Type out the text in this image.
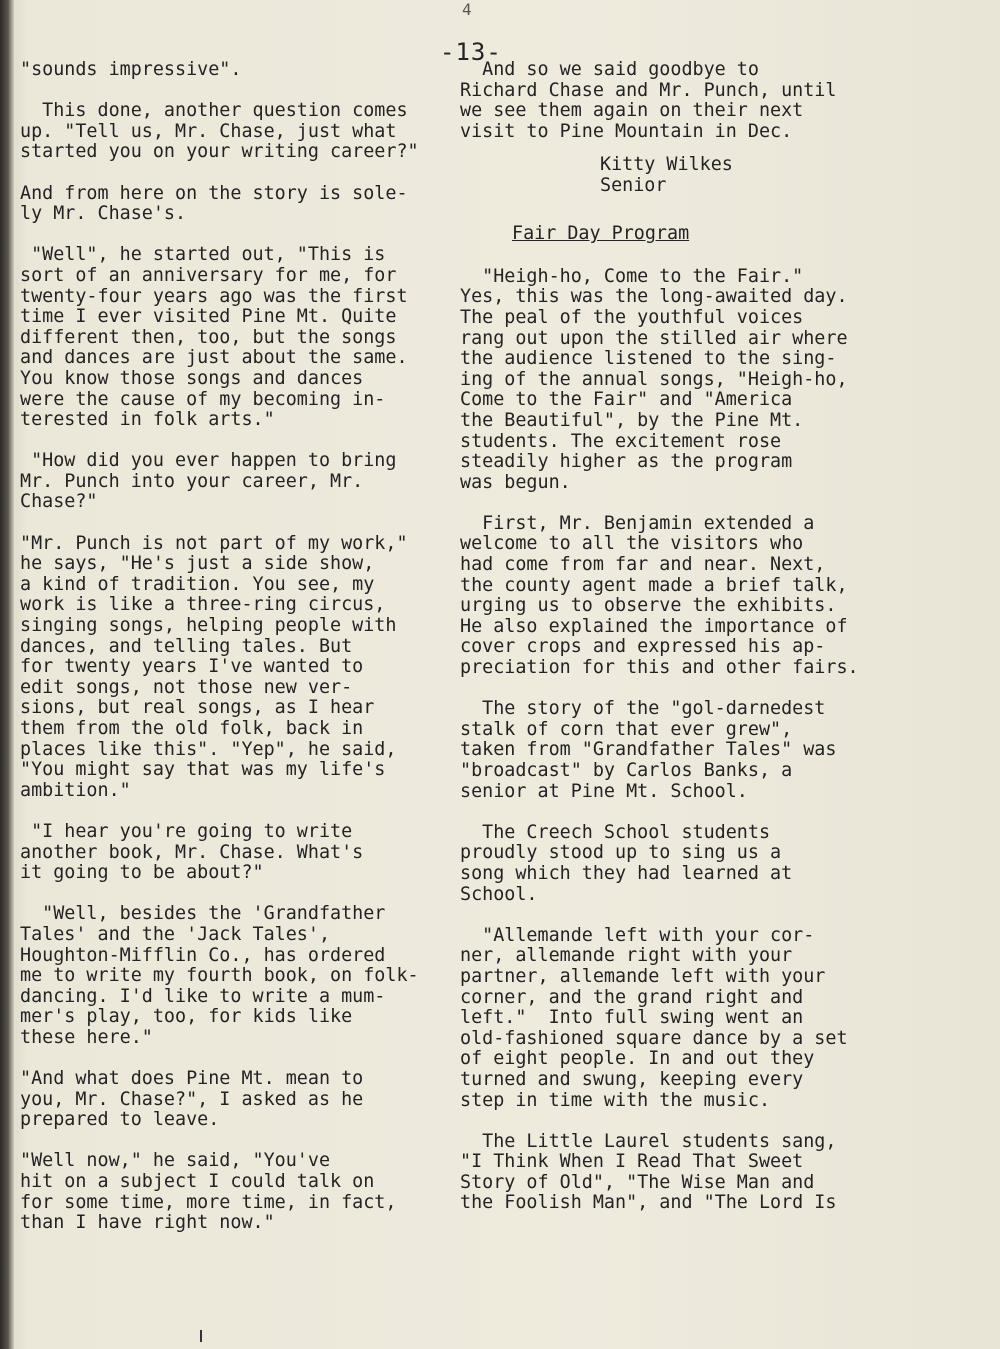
4
-13-

"sounds impressive".

This done, another question comes
up. "Tell us, Mr. Chase, just what
started you on your writing career?"

And from here on the story is sole-
ly Mr. Chase's.

"Well", he started out, "This is
sort of an anniversary for me, for
twenty-four years ago was the first
time I ever visited Pine Mt. Quite
different then, too, but the songs
and dances are just about the same.
You know those songs and dances
were the cause of my becoming in-
terested in folk arts."

"How did you ever happen to bring
Mr. Punch into your career, Mr.
Chase?"

"Mr. Punch is not part of my work,"
he says, "He's just a side show,
a kind of tradition. You see, my
work is like a three-ring circus,
singing songs, helping people with
dances, and telling tales. But
for twenty years I've wanted to
edit songs, not those new ver-
sions, but real songs, as I hear
them from the old folk, back in
places like this". "Yep", he said,
"You might say that was my life's
ambition."

"I hear you're going to write
another book, Mr. Chase. What's
it going to be about?"

"Well, besides the 'Grandfather
Tales' and the 'Jack Tales',
Houghton-Mifflin Co., has ordered
me to write my fourth book, on folk-
dancing. I'd like to write a mum-
mer's play, too, for kids like
these here."

"And what does Pine Mt. mean to
you, Mr. Chase?", I asked as he
prepared to leave.

"Well now," he said, "You've
hit on a subject I could talk on
for some time, more time, in fact,
than I have right now."

And so we said goodbye to
Richard Chase and Mr. Punch, until
we see them again on their next
visit to Pine Mountain in Dec.

Kitty Wilkes
Senior
Fair Day Program

"Heigh-ho, Come to the Fair."
Yes, this was the long-awaited day.
The peal of the youthful voices
rang out upon the stilled air where
the audience listened to the sing-
ing of the annual songs, "Heigh-ho,
Come to the Fair" and "America
the Beautiful", by the Pine Mt.
students. The excitement rose
steadily higher as the program
was begun.

First, Mr. Benjamin extended a
welcome to all the visitors who
had come from far and near. Next,
the county agent made a brief talk,
urging us to observe the exhibits.
He also explained the importance of
cover crops and expressed his ap-
preciation for this and other fairs.

The story of the "gol-darnedest
stalk of corn that ever grew",
taken from "Grandfather Tales" was
"broadcast" by Carlos Banks, a
senior at Pine Mt. School.

The Creech School students
proudly stood up to sing us a
song which they had learned at
School.

"Allemande left with your cor-
ner, allemande right with your
partner, allemande left with your
corner, and the grand right and
left."  Into full swing went an
old-fashioned square dance by a set
of eight people. In and out they
turned and swung, keeping every
step in time with the music.

The Little Laurel students sang,
"I Think When I Read That Sweet
Story of Old", "The Wise Man and
the Foolish Man", and "The Lord Is
